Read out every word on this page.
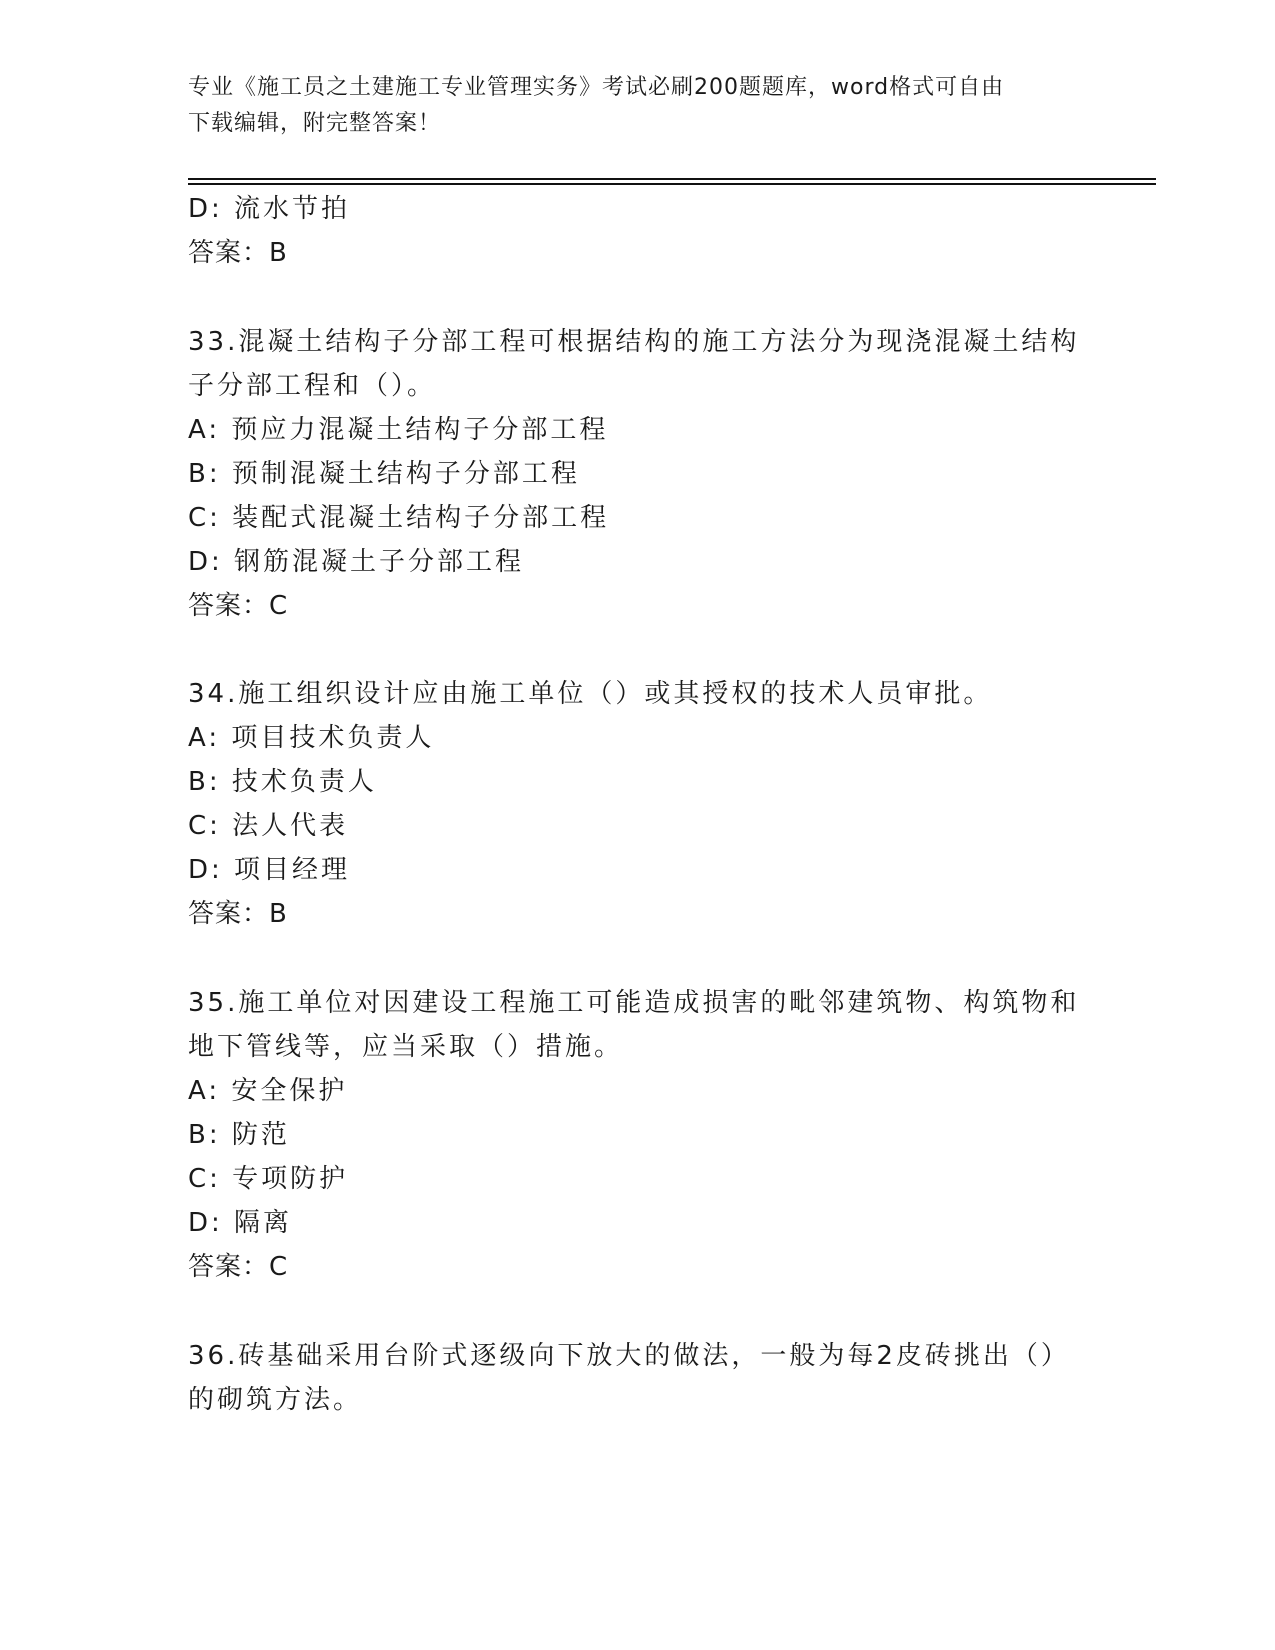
专业《施工员之土建施工专业管理实务》考试必刷200题题库，word格式可自由
下载编辑，附完整答案！
D: 流水节拍
答案：B
33.混凝土结构子分部工程可根据结构的施工方法分为现浇混凝土结构
子分部工程和（）。
A: 预应力混凝土结构子分部工程
B: 预制混凝土结构子分部工程
C: 装配式混凝土结构子分部工程
D: 钢筋混凝土子分部工程
答案：C
34.施工组织设计应由施工单位（）或其授权的技术人员审批。
A: 项目技术负责人
B: 技术负责人
C: 法人代表
D: 项目经理
答案：B
35.施工单位对因建设工程施工可能造成损害的毗邻建筑物、构筑物和
地下管线等，应当采取（）措施。
A: 安全保护
B: 防范
C: 专项防护
D: 隔离
答案：C
36.砖基础采用台阶式逐级向下放大的做法，一般为每2皮砖挑出（）
的砌筑方法。
